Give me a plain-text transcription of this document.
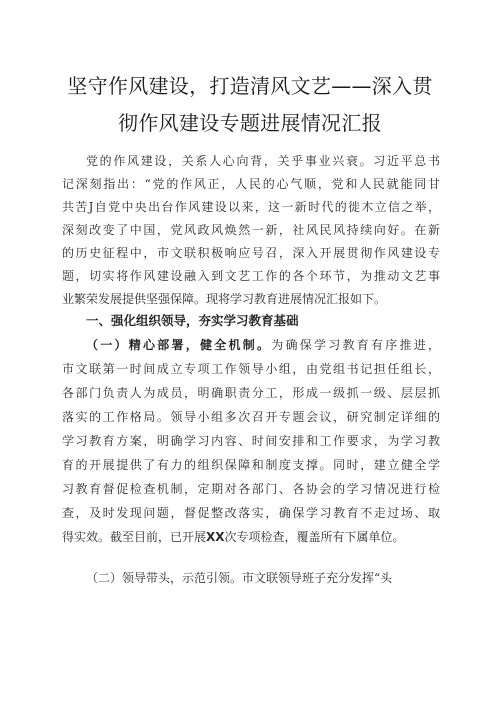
坚守作风建设，打造清风文艺——深入贯
彻作风建设专题进展情况汇报
党的作风建设，关系人心向背，关乎事业兴衰。习近平总书
记深刻指出：“党的作风正，人民的心气顺，党和人民就能同甘
共苦J自党中央出台作风建设以来，这一新时代的徙木立信之举，
深刻改变了中国，党风政风焕然一新，社风民风持续向好。在新
的历史征程中，市文联积极响应号召，深入开展贯彻作风建设专
题，切实将作风建设融入到文艺工作的各个环节，为推动文艺事
业繁荣发展提供坚强保障。现将学习教育进展情况汇报如下。
一、强化组织领导，夯实学习教育基础
（一）精心部署，健全机制。为确保学习教育有序推进，
市文联第一时间成立专项工作领导小组，由党组书记担任组长，
各部门负责人为成员，明确职责分工，形成一级抓一级、层层抓
落实的工作格局。领导小组多次召开专题会议，研究制定详细的
学习教育方案，明确学习内容、时间安排和工作要求，为学习教
育的开展提供了有力的组织保障和制度支撑。同时，建立健全学
习教育督促检查机制，定期对各部门、各协会的学习情况进行检
查，及时发现问题，督促整改落实，确保学习教育不走过场、取
得实效。截至目前，已开展XX次专项检查，覆盖所有下属单位。
（二）领导带头，示范引领。市文联领导班子充分发挥“头
